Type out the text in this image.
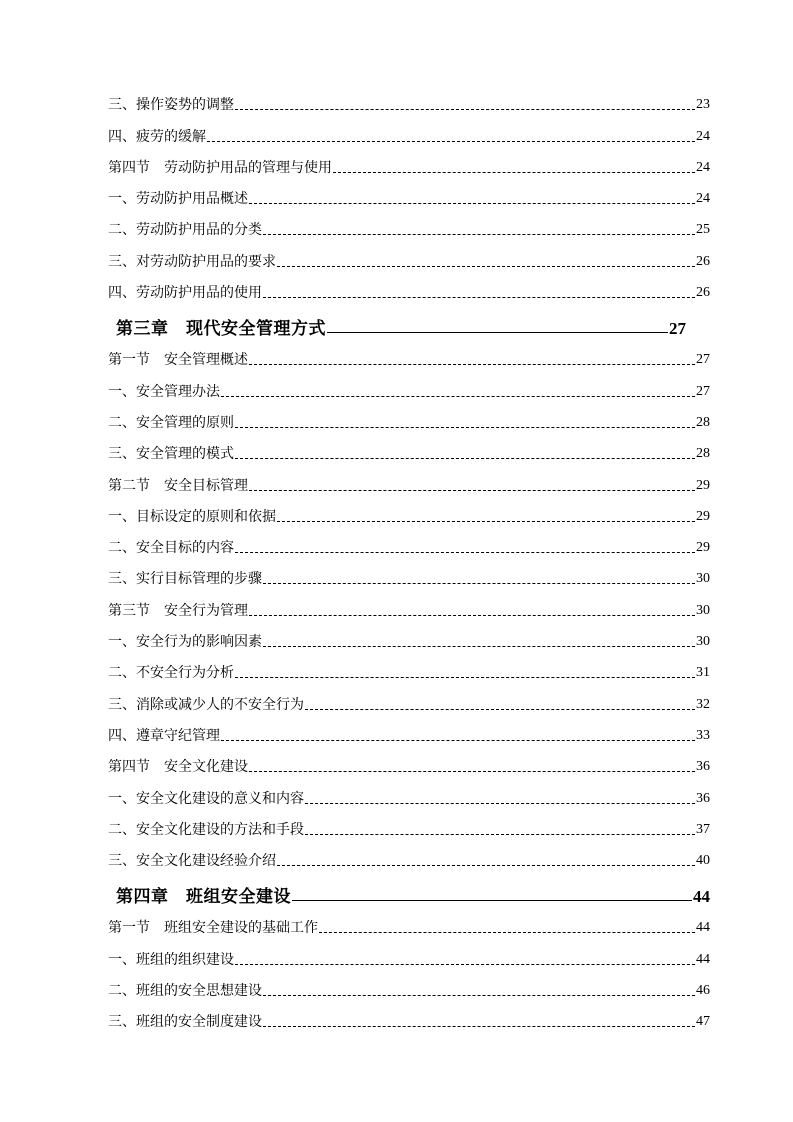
三、操作姿势的调整	23
四、疲劳的缓解	24
第四节　劳动防护用品的管理与使用	24
一、劳动防护用品概述	24
二、劳动防护用品的分类	25
三、对劳动防护用品的要求	26
四、劳动防护用品的使用	26
第三章　现代安全管理方式	27
第一节　安全管理概述	27
一、安全管理办法	27
二、安全管理的原则	28
三、安全管理的模式	28
第二节　安全目标管理	29
一、目标设定的原则和依据	29
二、安全目标的内容	29
三、实行目标管理的步骤	30
第三节　安全行为管理	30
一、安全行为的影响因素	30
二、不安全行为分析	31
三、消除或减少人的不安全行为	32
四、遵章守纪管理	33
第四节　安全文化建设	36
一、安全文化建设的意义和内容	36
二、安全文化建设的方法和手段	37
三、安全文化建设经验介绍	40
第四章　班组安全建设	44
第一节　班组安全建设的基础工作	44
一、班组的组织建设	44
二、班组的安全思想建设	46
三、班组的安全制度建设	47
